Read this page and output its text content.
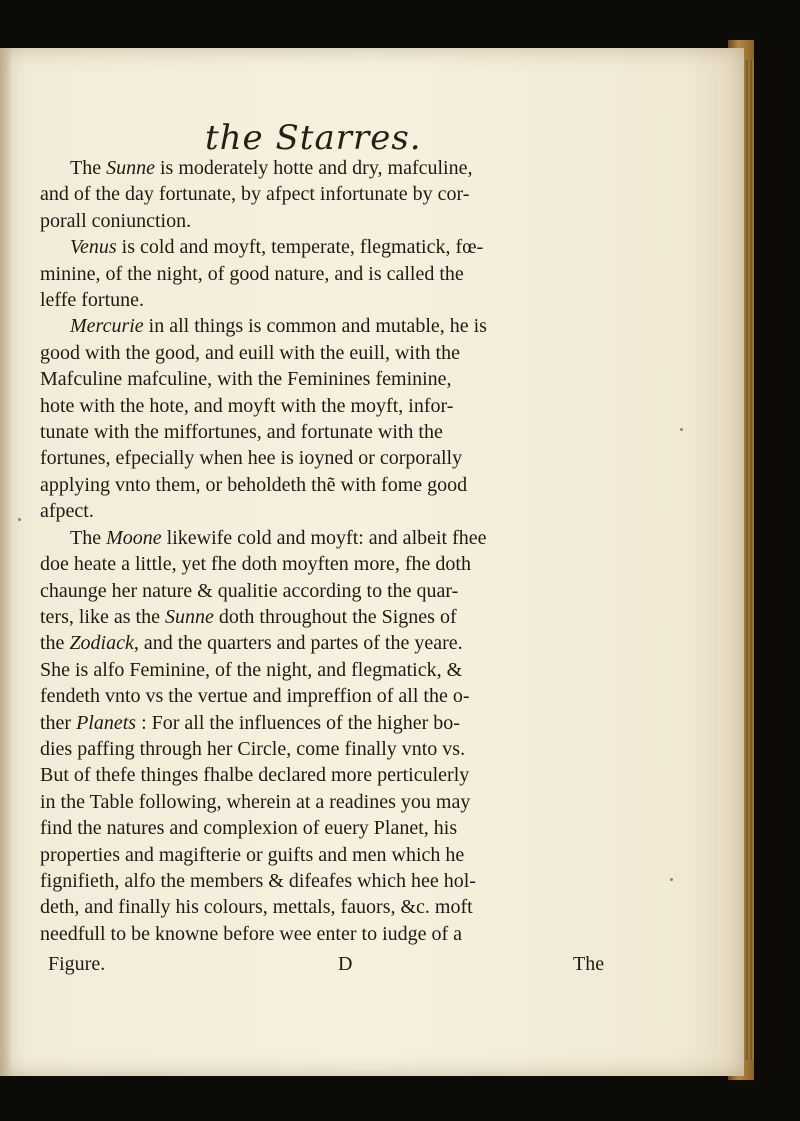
the Starres.
The Sunne is moderately hotte and dry, mafculine,
and of the day fortunate, by afpect infortunate by cor-
porall coniunction.
Venus is cold and moyft, temperate, flegmatick, fœ-
minine, of the night, of good nature, and is called the
leffe fortune.
Mercurie in all things is common and mutable, he is
good with the good, and euill with the euill, with the
Mafculine mafculine, with the Feminines feminine,
hote with the hote, and moyft with the moyft, infor-
tunate with the miffortunes, and fortunate with the
fortunes, efpecially when hee is ioyned or corporally
applying vnto them, or beholdeth thẽ with fome good
afpect.
The Moone likewife cold and moyft: and albeit fhee
doe heate a little, yet fhe doth moyften more, fhe doth
chaunge her nature & qualitie according to the quar-
ters, like as the Sunne doth throughout the Signes of
the Zodiack, and the quarters and partes of the yeare.
She is alfo Feminine, of the night, and flegmatick, &
fendeth vnto vs the vertue and impreffion of all the o-
ther Planets : For all the influences of the higher bo-
dies paffing through her Circle, come finally vnto vs.
But of thefe thinges fhalbe declared more perticulerly
in the Table following, wherein at a readines you may
find the natures and complexion of euery Planet, his
properties and magifterie or guifts and men which he
fignifieth, alfo the members & difeafes which hee hol-
deth, and finally his colours, mettals, fauors, &c. moft
needfull to be knowne before wee enter to iudge of a
Figure.	D	The
